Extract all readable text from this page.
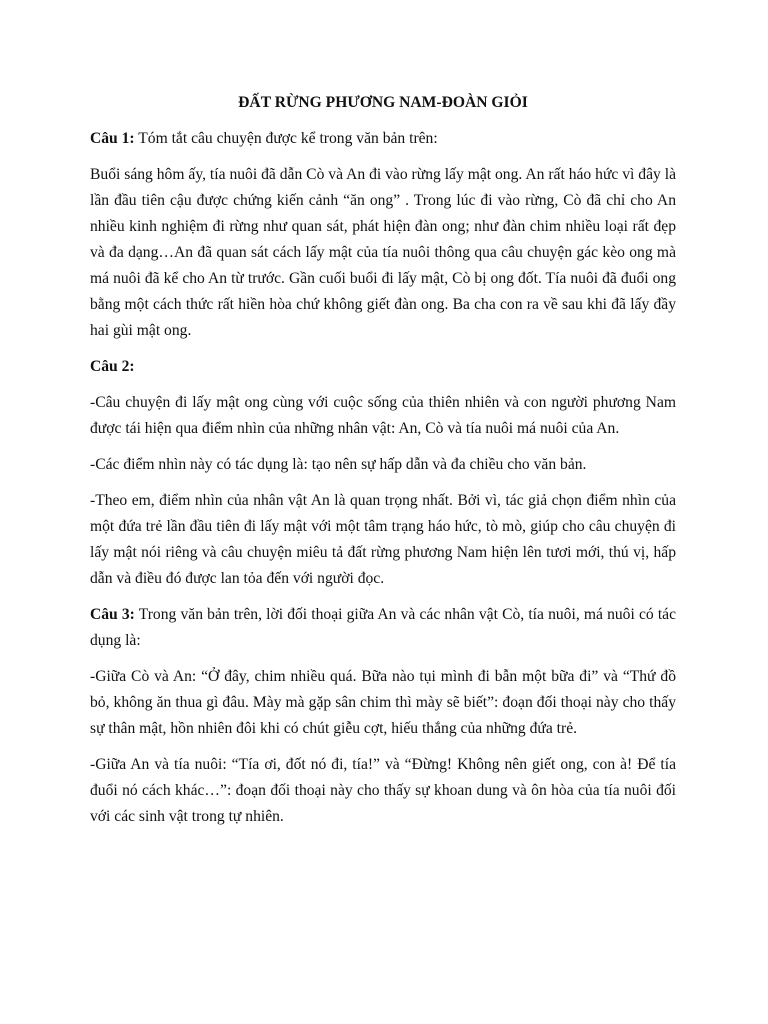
ĐẤT RỪNG PHƯƠNG NAM-ĐOÀN GIỎI

Câu 1: Tóm tắt câu chuyện được kể trong văn bản trên:

Buổi sáng hôm ấy, tía nuôi đã dẫn Cò và An đi vào rừng lấy mật ong. An rất háo hức vì đây là lần đầu tiên cậu được chứng kiến cảnh “ăn ong” . Trong lúc đi vào rừng, Cò đã chỉ cho An nhiều kinh nghiệm đi rừng như quan sát, phát hiện đàn ong; như đàn chim nhiều loại rất đẹp và đa dạng…An đã quan sát cách lấy mật của tía nuôi thông qua câu chuyện gác kèo ong mà má nuôi đã kể cho An từ trước. Gần cuối buổi đi lấy mật, Cò bị ong đốt. Tía nuôi đã đuổi ong bằng một cách thức rất hiền hòa chứ không giết đàn ong. Ba cha con ra về sau khi đã lấy đầy hai gùi mật ong.

Câu 2:

-Câu chuyện đi lấy mật ong cùng với cuộc sống của thiên nhiên và con người phương Nam được tái hiện qua điểm nhìn của những nhân vật: An, Cò và tía nuôi má nuôi của An.

-Các điểm nhìn này có tác dụng là: tạo nên sự hấp dẫn và đa chiều cho văn bản.

-Theo em, điểm nhìn của nhân vật An là quan trọng nhất. Bởi vì, tác giả chọn điểm nhìn của một đứa trẻ lần đầu tiên đi lấy mật với một tâm trạng háo hức, tò mò, giúp cho câu chuyện đi lấy mật nói riêng và câu chuyện miêu tả đất rừng phương Nam hiện lên tươi mới, thú vị, hấp dẫn và điều đó được lan tỏa đến với người đọc.

Câu 3: Trong văn bản trên, lời đối thoại giữa An và các nhân vật Cò, tía nuôi, má nuôi có tác dụng là:

-Giữa Cò và An: “Ở đây, chim nhiều quá. Bữa nào tụi mình đi bẫn một bữa đi” và “Thứ đồ bỏ, không ăn thua gì đâu. Mày mà gặp sân chim thì mày sẽ biết”: đoạn đối thoại này cho thấy sự thân mật, hồn nhiên đôi khi có chút giễu cợt, hiếu thắng của những đứa trẻ.

-Giữa An và tía nuôi: “Tía ơi, đốt nó đi, tía!” và “Đừng! Không nên giết ong, con à! Để tía đuổi nó cách khác…”: đoạn đối thoại này cho thấy sự khoan dung và ôn hòa của tía nuôi đối với các sinh vật trong tự nhiên.
